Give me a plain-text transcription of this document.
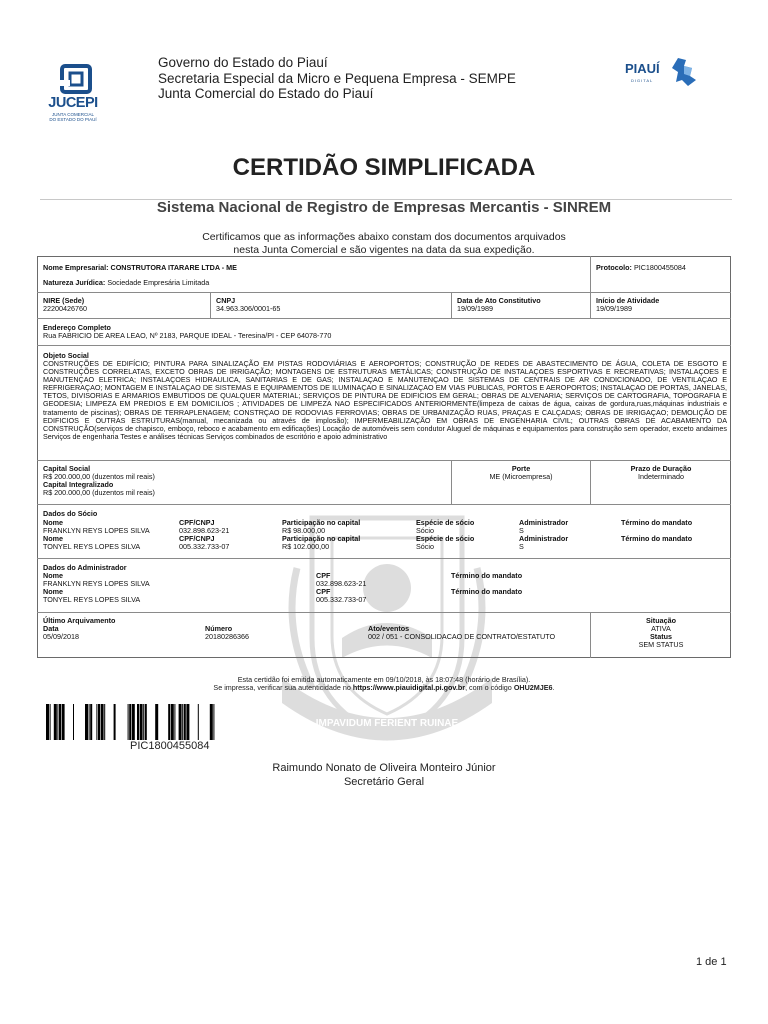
JUCEPI
JUNTA COMERCIAL
DO ESTADO DO PIAUÍ
Governo do Estado do Piauí
Secretaria Especial da Micro e Pequena Empresa - SEMPE
Junta Comercial do Estado do Piauí
PIAUÍ
DIGITAL
CERTIDÃO SIMPLIFICADA
Sistema Nacional de Registro de Empresas Mercantis - SINREM
Certificamos que as informações abaixo constam dos documentos arquivados
nesta Junta Comercial e são vigentes na data da sua expedição.
IMPAVIDUM FERIENT RUINAE
Nome Empresarial: CONSTRUTORA ITARARE LTDA - ME	Protocolo: PIC1800455084
Natureza Jurídica: Sociedade Empresária Limitada
NIRE (Sede)
22200426760
CNPJ
34.963.306/0001-65
Data de Ato Constitutivo
19/09/1989
Início de Atividade
19/09/1989
Endereço Completo
Rua FABRICIO DE AREA LEAO, Nº 2183, PARQUE IDEAL - Teresina/PI - CEP 64078-770
Objeto Social
CONSTRUÇÕES DE EDIFÍCIO; PINTURA PARA SINALIZAÇÃO EM PISTAS RODOVIÁRIAS E AEROPORTOS; CONSTRUÇÃO DE REDES DE ABASTECIMENTO DE ÁGUA, COLETA DE ESGOTO E CONSTRUÇÕES CORRELATAS, EXCETO OBRAS DE IRRIGAÇÃO; MONTAGENS DE ESTRUTURAS METÁLICAS; CONSTRUÇÃO DE INSTALAÇOES ESPORTIVAS E RECREATIVAS; INSTALAÇOES E MANUTENÇAO ELETRICA; INSTALAÇOES HIDRAULICA, SANITARIAS E DE GAS; INSTALAÇAO E MANUTENÇAO DE SISTEMAS DE CENTRAIS DE AR CONDICIONADO, DE VENTILAÇAO E REFRIGERAÇAO; MONTAGEM E INSTALAÇAO DE SISTEMAS E EQUIPAMENTOS DE ILUMINAÇAO E SINALIZAÇAO EM VIAS PUBLICAS, PORTOS E AEROPORTOS; INSTALAÇAO DE PORTAS, JANELAS, TETOS, DIVISORIAS E ARMARIOS EMBUTIDOS DE QUALQUER MATERIAL; SERVIÇOS DE PINTURA DE EDIFICIOS EM GERAL; OBRAS DE ALVENARIA; SERVIÇOS DE CARTOGRAFIA, TOPOGRAFIA E GEODESIA; LIMPEZA EM PREDIOS E EM DOMICILIOS ; ATIVIDADES DE LIMPEZA NAO ESPECIFICADOS ANTERIORMENTE(limpeza de caixas de água, caixas de gordura,ruas,máquinas industriais e tratamento de piscinas); OBRAS DE TERRAPLENAGEM; CONSTRÇAO DE RODOVIAS FERROVIAS; OBRAS DE URBANIZAÇÃO RUAS, PRAÇAS E CALÇADAS; OBRAS DE IRRIGAÇAO; DEMOLIÇÃO DE EDIFICIOS E OUTRAS ESTRUTURAS(manual, mecanizada ou através de implosão); IMPERMEABILIZAÇÃO EM OBRAS DE ENGENHARIA CIVIL; OUTRAS OBRAS DE ACABAMENTO DA CONSTRUÇÃO(serviços de chapisco, emboço, reboco e acabamento em edificações) Locação de automóveis sem condutor Aluguel de máquinas e equipamentos para construção sem operador, exceto andaimes Serviços de engenharia Testes e análises técnicas Serviços combinados de escritório e apoio administrativo
Capital Social
R$ 200.000,00 (duzentos mil reais)
Capital Integralizado
R$ 200.000,00 (duzentos mil reais)
Porte
ME (Microempresa)
Prazo de Duração
Indeterminado
Dados do Sócio
Nome	CPF/CNPJ	Participação no capital	Espécie de sócio	Administrador	Término do mandato
FRANKLYN REYS LOPES SILVA	032.898.623-21	R$ 98.000,00	Sócio	S
Nome	CPF/CNPJ	Participação no capital	Espécie de sócio	Administrador	Término do mandato
TONYEL REYS LOPES SILVA	005.332.733-07	R$ 102.000,00	Sócio	S
Dados do Administrador
Nome	CPF	Término do mandato
FRANKLYN REYS LOPES SILVA	032.898.623-21
Nome	CPF	Término do mandato
TONYEL REYS LOPES SILVA	005.332.733-07
Último Arquivamento
Data
05/09/2018
Número
20180286366
Ato/eventos
002 / 051 - CONSOLIDACAO DE CONTRATO/ESTATUTO
Situação
ATIVA
Status
SEM STATUS
Esta certidão foi emitida automaticamente em 09/10/2018, às 18:07:48 (horário de Brasília).
Se impressa, verificar sua autenticidade no https://www.piauidigital.pi.gov.br, com o código OHU2MJE6.
PIC1800455084
Raimundo Nonato de Oliveira Monteiro Júnior
Secretário Geral
1 de 1
